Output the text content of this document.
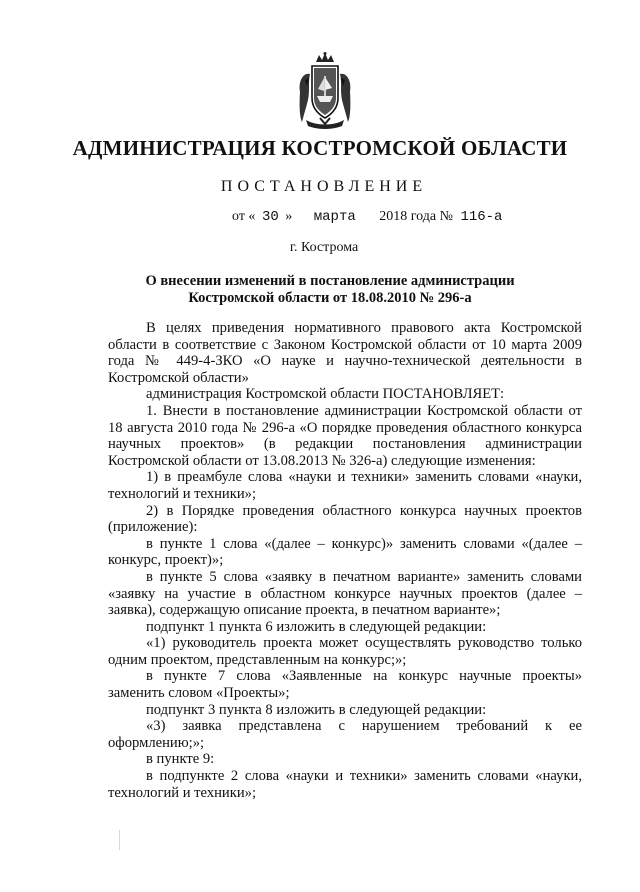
АДМИНИСТРАЦИЯ КОСТРОМСКОЙ ОБЛАСТИ
ПОСТАНОВЛЕНИЕ
от « 30 » марта 2018 года № 116-а
г. Кострома
О внесении изменений в постановление администрации
Костромской области от 18.08.2010 № 296-а

В целях приведения нормативного правового акта Костромской области в соответствие с Законом Костромской области от 10 марта 2009 года № 449-4-ЗКО «О науке и научно-технической деятельности в Костромской области»

администрация Костромской области ПОСТАНОВЛЯЕТ:

1. Внести в постановление администрации Костромской области от 18 августа 2010 года № 296-а «О порядке проведения областного конкурса научных проектов» (в редакции постановления администрации Костромской области от 13.08.2013 № 326-а) следующие изменения:

1) в преамбуле слова «науки и техники» заменить словами «науки, технологий и техники»;

2) в Порядке проведения областного конкурса научных проектов (приложение):

в пункте 1 слова «(далее – конкурс)» заменить словами «(далее – конкурс, проект)»;

в пункте 5 слова «заявку в печатном варианте» заменить словами «заявку на участие в областном конкурсе научных проектов (далее – заявка), содержащую описание проекта, в печатном варианте»;

подпункт 1 пункта 6 изложить в следующей редакции:

«1) руководитель проекта может осуществлять руководство только одним проектом, представленным на конкурс;»;

в пункте 7 слова «Заявленные на конкурс научные проекты» заменить словом «Проекты»;

подпункт 3 пункта 8 изложить в следующей редакции:

«3) заявка представлена с нарушением требований к ее оформлению;»;

в пункте 9:

в подпункте 2 слова «науки и техники» заменить словами «науки, технологий и техники»;
